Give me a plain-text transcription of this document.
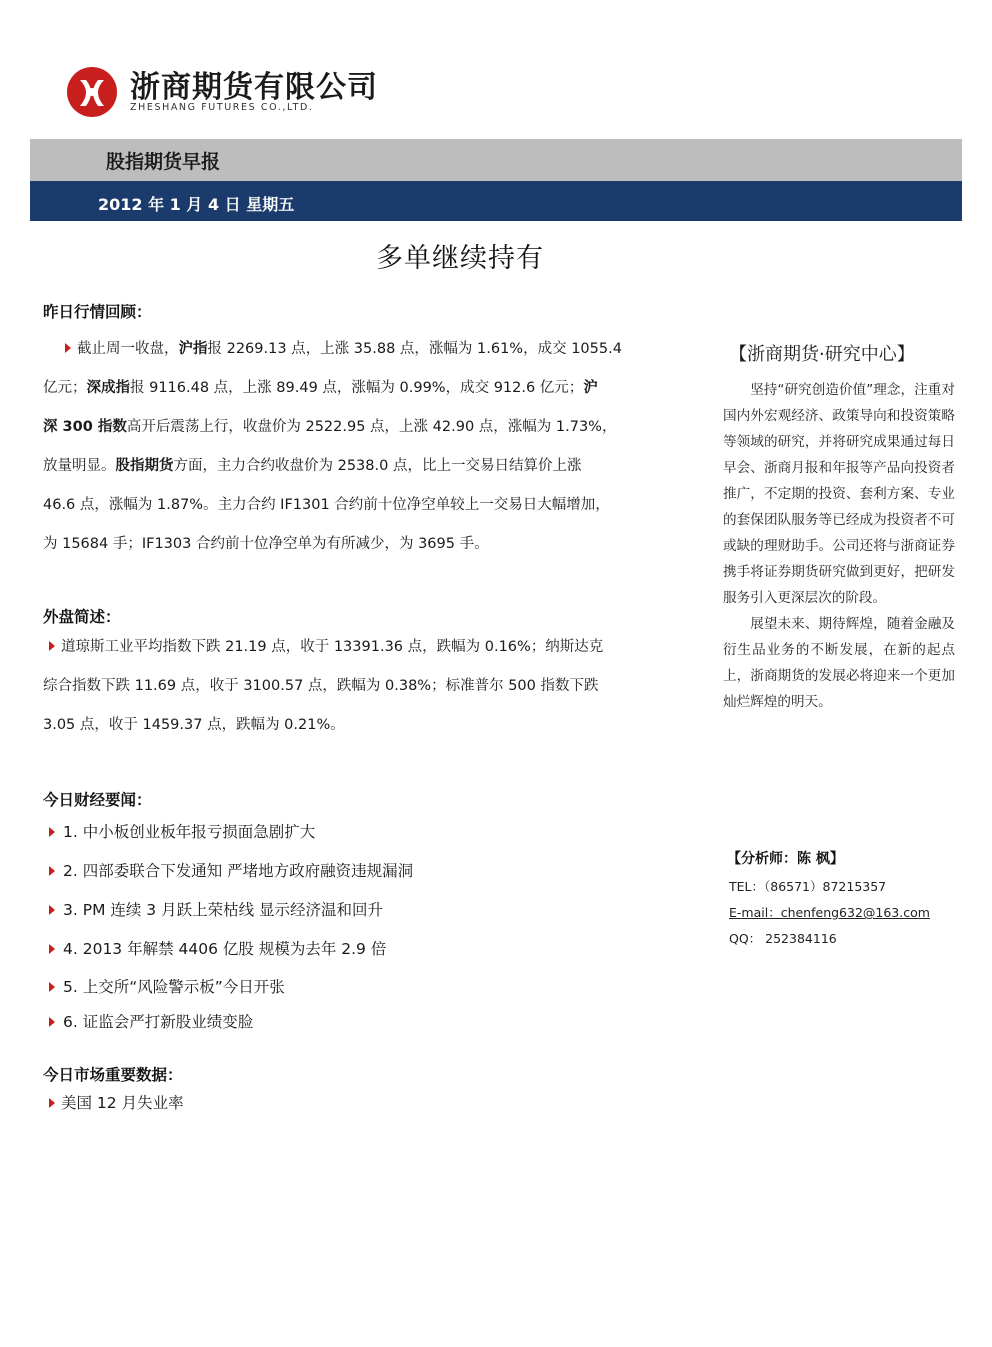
浙商期货有限公司
ZHESHANG FUTURES CO.,LTD.
股指期货早报
2012 年 1 月 4 日 星期五
多单继续持有
昨日行情回顾：
截止周一收盘，沪指报 2269.13 点，上涨 35.88 点，涨幅为 1.61%，成交 1055.4
亿元；深成指报 9116.48 点，上涨 89.49 点，涨幅为 0.99%，成交 912.6 亿元；沪
深 300 指数高开后震荡上行，收盘价为 2522.95 点，上涨 42.90 点，涨幅为 1.73%，
放量明显。股指期货方面，主力合约收盘价为 2538.0 点，比上一交易日结算价上涨
46.6 点，涨幅为 1.87%。主力合约 IF1301 合约前十位净空单较上一交易日大幅增加，
为 15684 手；IF1303 合约前十位净空单为有所减少，为 3695 手。
外盘简述：
道琼斯工业平均指数下跌 21.19 点，收于 13391.36 点，跌幅为 0.16%；纳斯达克
综合指数下跌 11.69 点，收于 3100.57 点，跌幅为 0.38%；标准普尔 500 指数下跌
3.05 点，收于 1459.37 点，跌幅为 0.21%。
今日财经要闻：
1. 中小板创业板年报亏损面急剧扩大
2. 四部委联合下发通知 严堵地方政府融资违规漏洞
3. PM 连续 3 月跃上荣枯线 显示经济温和回升
4. 2013 年解禁 4406 亿股 规模为去年 2.9 倍
5. 上交所“风险警示板”今日开张
6. 证监会严打新股业绩变脸
今日市场重要数据：
美国 12 月失业率
【浙商期货·研究中心】

坚持“研究创造价值”理念，注重对国内外宏观经济、政策导向和投资策略等领域的研究，并将研究成果通过每日早会、浙商月报和年报等产品向投资者推广，不定期的投资、套利方案、专业的套保团队服务等已经成为投资者不可或缺的理财助手。公司还将与浙商证券携手将证券期货研究做到更好，把研发服务引入更深层次的阶段。

展望未来、期待辉煌，随着金融及衍生品业务的不断发展，在新的起点上，浙商期货的发展必将迎来一个更加灿烂辉煌的明天。

【分析师：陈 枫】
TEL：（86571）87215357
E-mail：chenfeng632@163.com
QQ： 252384116
